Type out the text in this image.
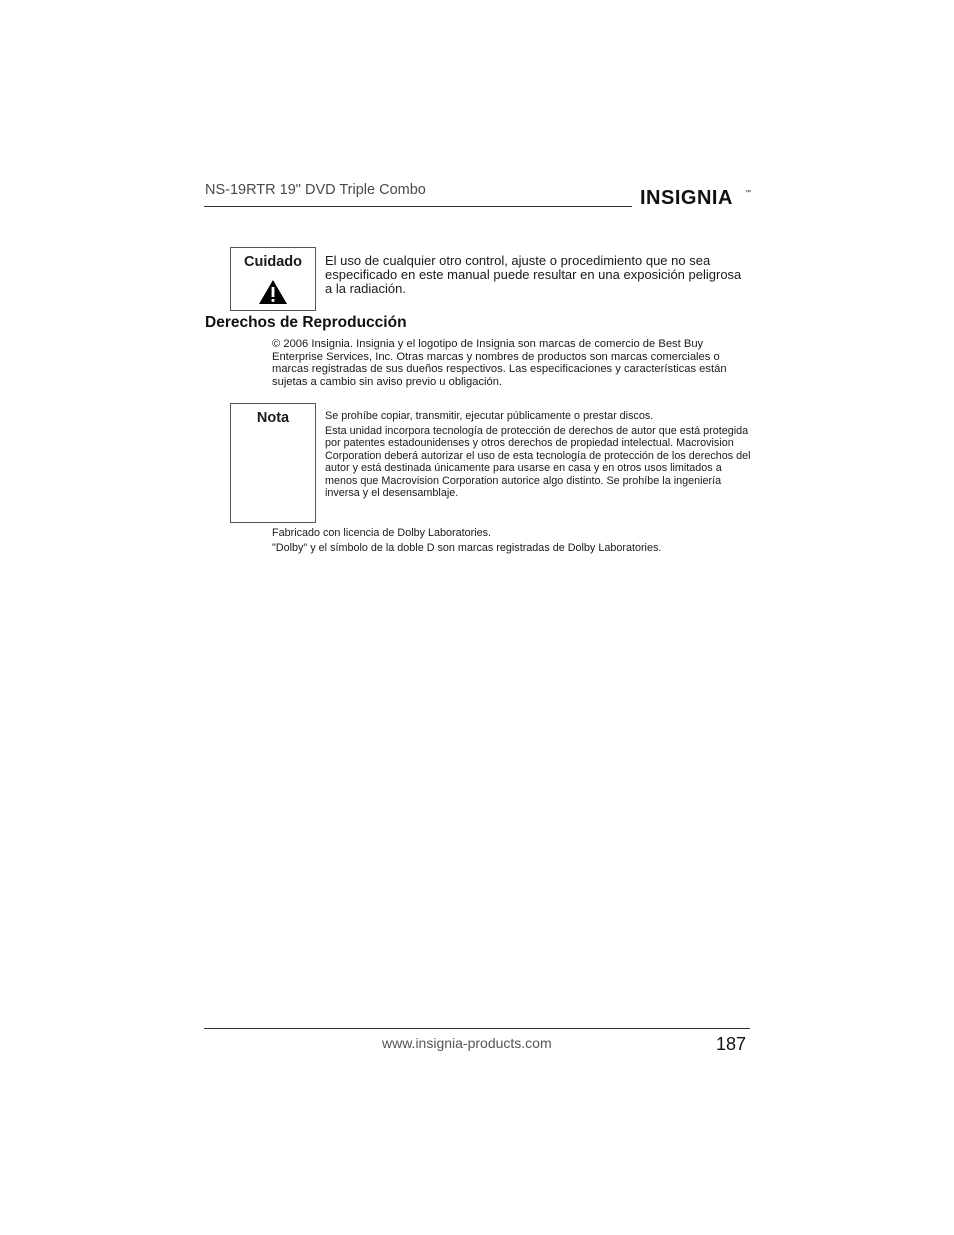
NS-19RTR 19" DVD Triple Combo	INSIGNIA ™
Cuidado	El uso de cualquier otro control, ajuste o procedimiento que no sea especificado en este manual puede resultar en una exposición peligrosa a la radiación.
Derechos de Reproducción
© 2006 Insignia. Insignia y el logotipo de Insignia son marcas de comercio de Best Buy Enterprise Services, Inc. Otras marcas y nombres de productos son marcas comerciales o marcas registradas de sus dueños respectivos. Las especificaciones y características están sujetas a cambio sin aviso previo u obligación.
Nota	Se prohíbe copiar, transmitir, ejecutar públicamente o prestar discos.
Esta unidad incorpora tecnología de protección de derechos de autor que está protegida por patentes estadounidenses y otros derechos de propiedad intelectual. Macrovision Corporation deberá autorizar el uso de esta tecnología de protección de los derechos del autor y está destinada únicamente para usarse en casa y en otros usos limitados a menos que Macrovision Corporation autorice algo distinto. Se prohíbe la ingeniería inversa y el desensamblaje.
Fabricado con licencia de Dolby Laboratories.
"Dolby" y el símbolo de la doble D son marcas registradas de Dolby Laboratories.
www.insignia-products.com	187
